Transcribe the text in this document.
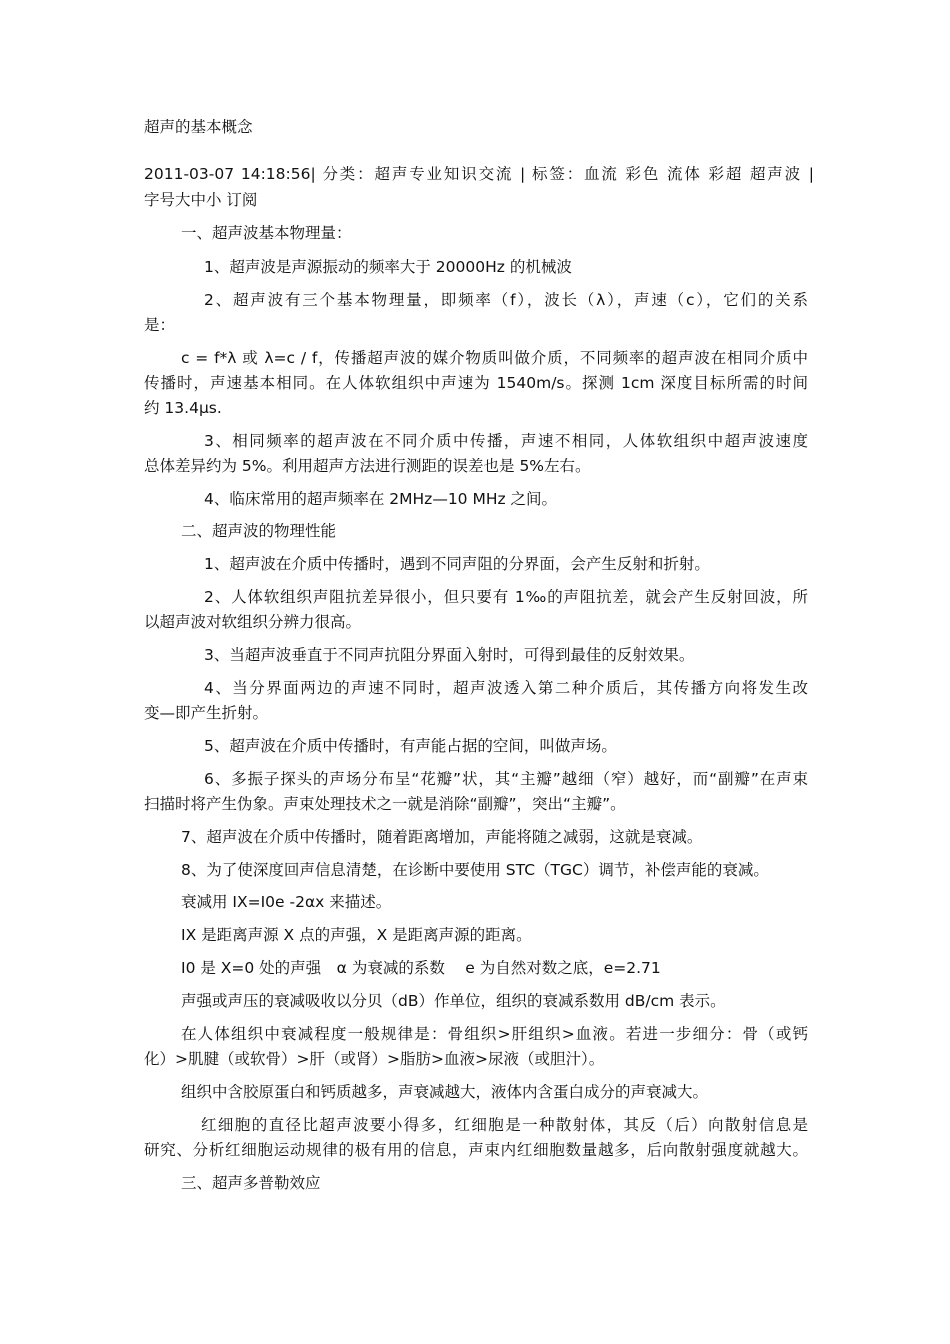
超声的基本概念
2011-03-07 14:18:56| 分类：超声专业知识交流 | 标签：血流 彩色 流体 彩超 超声波 |
字号大中小 订阅
一、超声波基本物理量：
1、超声波是声源振动的频率大于 20000Hz 的机械波
2、超声波有三个基本物理量，即频率（f），波长（λ），声速（c），它们的关系
是：
c = f*λ 或 λ=c / f，传播超声波的媒介物质叫做介质，不同频率的超声波在相同介质中
传播时，声速基本相同。在人体软组织中声速为 1540m/s。探测 1cm 深度目标所需的时间
约 13.4μs.
3、相同频率的超声波在不同介质中传播，声速不相同，人体软组织中超声波速度
总体差异约为 5%。利用超声方法进行测距的误差也是 5%左右。
4、临床常用的超声频率在 2MHz—10 MHz 之间。
二、超声波的物理性能
1、超声波在介质中传播时，遇到不同声阻的分界面，会产生反射和折射。
2、人体软组织声阻抗差异很小，但只要有 1‰的声阻抗差，就会产生反射回波，所
以超声波对软组织分辨力很高。
3、当超声波垂直于不同声抗阻分界面入射时，可得到最佳的反射效果。
4、当分界面两边的声速不同时，超声波透入第二种介质后，其传播方向将发生改
变—即产生折射。
5、超声波在介质中传播时，有声能占据的空间，叫做声场。
6、多振子探头的声场分布呈“花瓣”状，其“主瓣”越细（窄）越好，而“副瓣”在声束
扫描时将产生伪象。声束处理技术之一就是消除“副瓣”，突出“主瓣”。
7、超声波在介质中传播时，随着距离增加，声能将随之减弱，这就是衰减。
8、为了使深度回声信息清楚，在诊断中要使用 STC（TGC）调节，补偿声能的衰减。
衰减用 IX=I0e -2αx 来描述。
IX 是距离声源 X 点的声强，X 是距离声源的距离。
I0 是 X=0 处的声强　α 为衰减的系数　 e 为自然对数之底，e=2.71
声强或声压的衰减吸收以分贝（dB）作单位，组织的衰减系数用 dB/cm 表示。
在人体组织中衰减程度一般规律是：骨组织>肝组织>血液。若进一步细分：骨（或钙
化）>肌腱（或软骨）>肝（或肾）>脂肪>血液>尿液（或胆汁）。
组织中含胶原蛋白和钙质越多，声衰减越大，液体内含蛋白成分的声衰减大。
红细胞的直径比超声波要小得多，红细胞是一种散射体，其反（后）向散射信息是
研究、分析红细胞运动规律的极有用的信息，声束内红细胞数量越多，后向散射强度就越大。
三、超声多普勒效应
